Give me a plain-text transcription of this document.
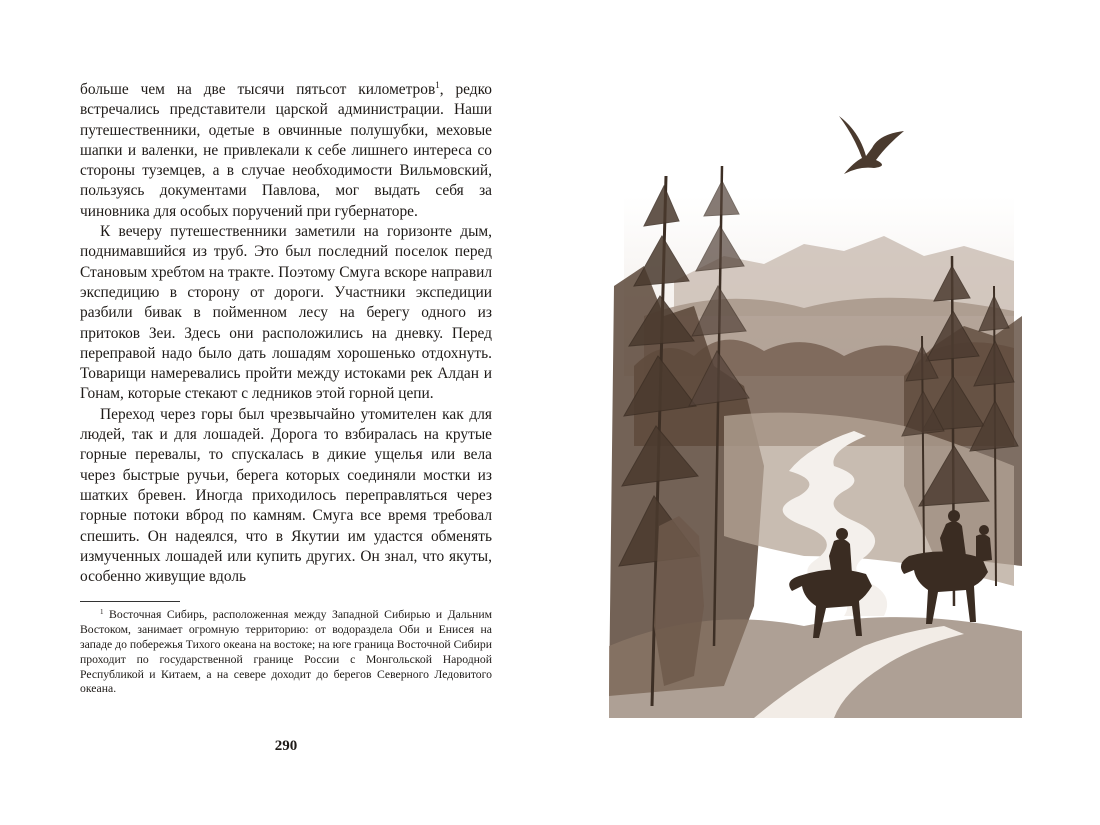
больше чем на две тысячи пятьсот километров$^1$, редко встречались представители царской администрации. Наши путешественники, одетые в овчинные полушубки, меховые шапки и валенки, не привлекали к себе лишнего интереса со стороны туземцев, а в случае необходимости Вильмовский, пользуясь документами Павлова, мог выдать себя за чиновника для особых поручений при губернаторе.

К вечеру путешественники заметили на горизонте дым, поднимавшийся из труб. Это был последний поселок перед Становым хребтом на тракте. Поэтому Смуга вскоре направил экспедицию в сторону от дороги. Участники экспедиции разбили бивак в пойменном лесу на берегу одного из притоков Зеи. Здесь они расположились на дневку. Перед переправой надо было дать лошадям хорошенько отдохнуть. Товарищи намеревались пройти между истоками рек Алдан и Гонам, которые стекают с ледников этой горной цепи.

Переход через горы был чрезвычайно утомителен как для людей, так и для лошадей. Дорога то взбиралась на крутые горные перевалы, то спускалась в дикие ущелья или вела через быстрые ручьи, берега которых соединяли мостки из шатких бревен. Иногда приходилось переправляться через горные потоки вброд по камням. Смуга все время требовал спешить. Он надеялся, что в Якутии им удастся обменять измученных лошадей или купить других. Он знал, что якуты, особенно живущие вдоль

$^1$ Восточная Сибирь, расположенная между Западной Сибирью и Дальним Востоком, занимает огромную территорию: от водораздела Оби и Енисея на западе до побережья Тихого океана на востоке; на юге граница Восточной Сибири проходит по государственной границе России с Монгольской Народной Республикой и Китаем, а на севере доходит до берегов Северного Ледовитого океана.

290
